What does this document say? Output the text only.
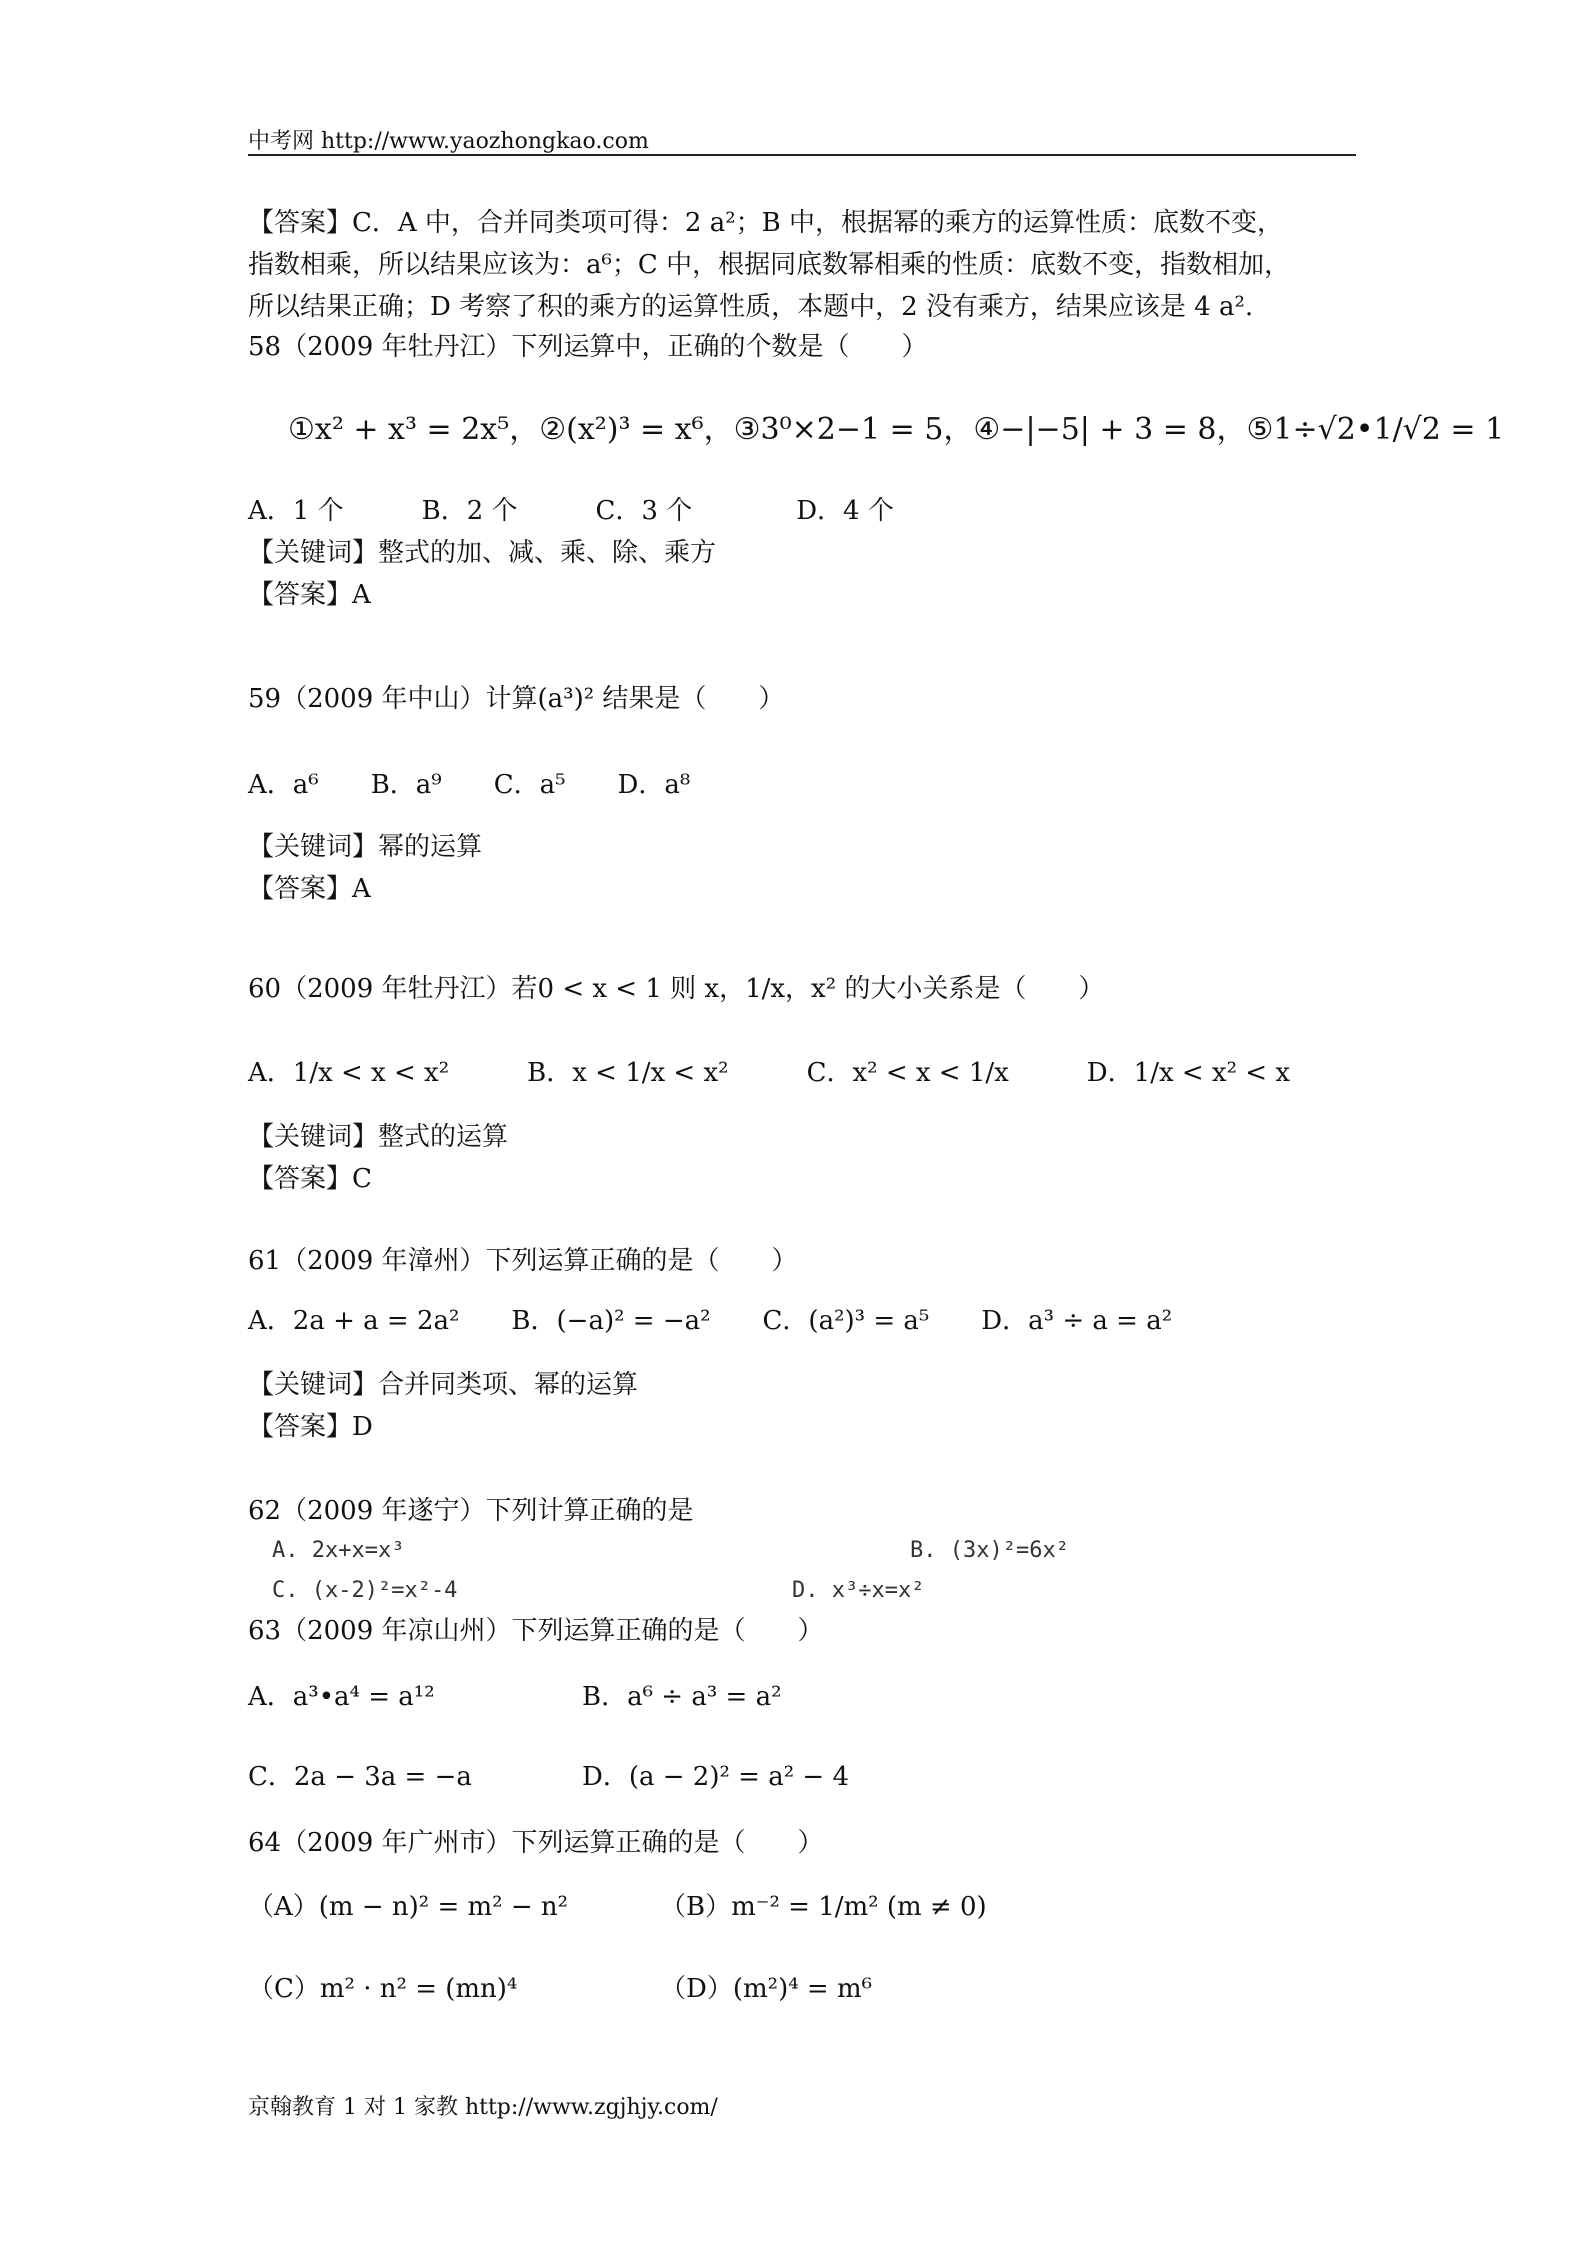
中考网 http://www.yaozhongkao.com
【答案】C．A 中，合并同类项可得：2 a²；B 中，根据幂的乘方的运算性质：底数不变，
指数相乘，所以结果应该为：a⁶；C 中，根据同底数幂相乘的性质：底数不变，指数相加，
所以结果正确；D 考察了积的乘方的运算性质，本题中，2 没有乘方，结果应该是 4 a².
58（2009 年牡丹江）下列运算中，正确的个数是（　　）
①x² + x³ = 2x⁵，②(x²)³ = x⁶，③3⁰×2−1 = 5，④−|−5| + 3 = 8，⑤1÷√2•1/√2 = 1
A．1 个　　　B．2 个　　　C．3 个　　　　D．4 个
【关键词】整式的加、减、乘、除、乘方
【答案】A
59（2009 年中山）计算(a³)² 结果是（　　）
A．a⁶　　B．a⁹　　C．a⁵　　D．a⁸
【关键词】幂的运算
【答案】A
60（2009 年牡丹江）若0 < x < 1 则 x，1/x，x² 的大小关系是（　　）
A．1/x < x < x²　　　B．x < 1/x < x²　　　C．x² < x < 1/x　　　D．1/x < x² < x
【关键词】整式的运算
【答案】C
61（2009 年漳州）下列运算正确的是（　　）
A．2a + a = 2a²　　B．(−a)² = −a²　　C．(a²)³ = a⁵　　D．a³ ÷ a = a²
【关键词】合并同类项、幂的运算
【答案】D
62（2009 年遂宁）下列计算正确的是
A. 2x+x=x³	B. (3x)²=6x²
C. (x-2)²=x²-4	D. x³÷x=x²
63（2009 年凉山州）下列运算正确的是（　　）
A．a³•a⁴ = a¹²	B．a⁶ ÷ a³ = a²
C．2a − 3a = −a	D．(a − 2)² = a² − 4
64（2009 年广州市）下列运算正确的是（　　）
（A）(m − n)² = m² − n²	（B）m⁻² = 1/m² (m ≠ 0)
（C）m² · n² = (mn)⁴	（D）(m²)⁴ = m⁶
京翰教育 1 对 1 家教 http://www.zgjhjy.com/
